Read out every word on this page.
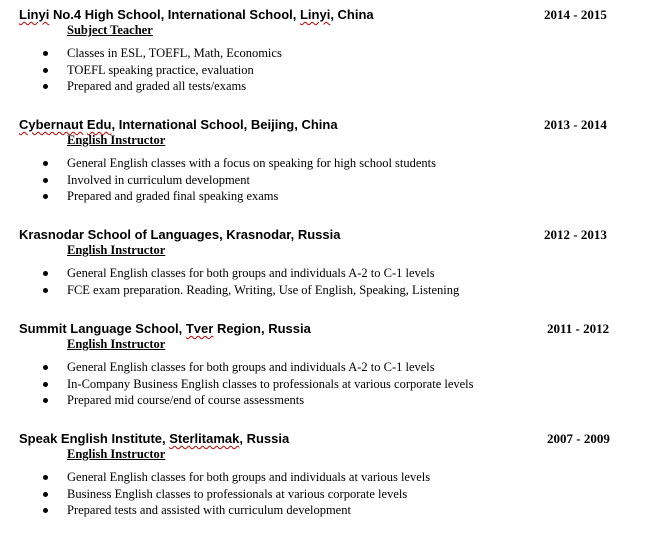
Linyi No.4 High School, International School, Linyi, China	2014 - 2015
Subject Teacher
Classes in ESL, TOEFL, Math, Economics
TOEFL speaking practice, evaluation
Prepared and graded all tests/exams
Cybernaut Edu, International School, Beijing, China	2013 - 2014
English Instructor
General English classes with a focus on speaking for high school students
Involved in curriculum development
Prepared and graded final speaking exams
Krasnodar School of Languages, Krasnodar, Russia	2012 - 2013
English Instructor
General English classes for both groups and individuals A-2 to C-1 levels
FCE exam preparation. Reading, Writing, Use of English, Speaking, Listening
Summit Language School, Tver Region, Russia	2011 - 2012
English Instructor
General English classes for both groups and individuals A-2 to C-1 levels
In-Company Business English classes to professionals at various corporate levels
Prepared mid course/end of course assessments
Speak English Institute, Sterlitamak, Russia	2007 - 2009
English Instructor
General English classes for both groups and individuals at various levels
Business English classes to professionals at various corporate levels
Prepared tests and assisted with curriculum development
